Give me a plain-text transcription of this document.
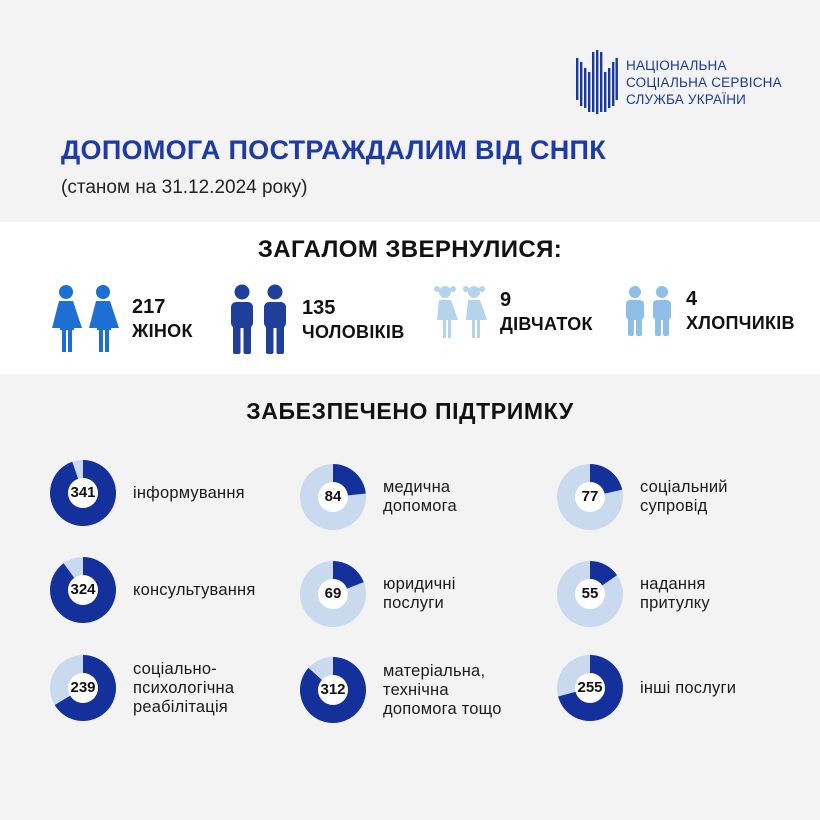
НАЦІОНАЛЬНА
СОЦІАЛЬНА СЕРВІСНА
СЛУЖБА УКРАЇНИ
ДОПОМОГА ПОСТРАЖДАЛИМ ВІД СНПК
(станом на 31.12.2024 року)
ЗАГАЛОМ ЗВЕРНУЛИСЯ:
217
ЖІНОК
135
ЧОЛОВІКІВ
9
ДІВЧАТОК
4
ХЛОПЧИКІВ
ЗАБЕЗПЕЧЕНО ПІДТРИМКУ
341	інформування	84
медична
допомога
77
соціальний
супровід
324	консультування	69
юридичні
послуги
55
надання
притулку
239
соціально-
психологічна
реабілітація
312
матеріальна,
технічна
допомога тощо
255	інші послуги
